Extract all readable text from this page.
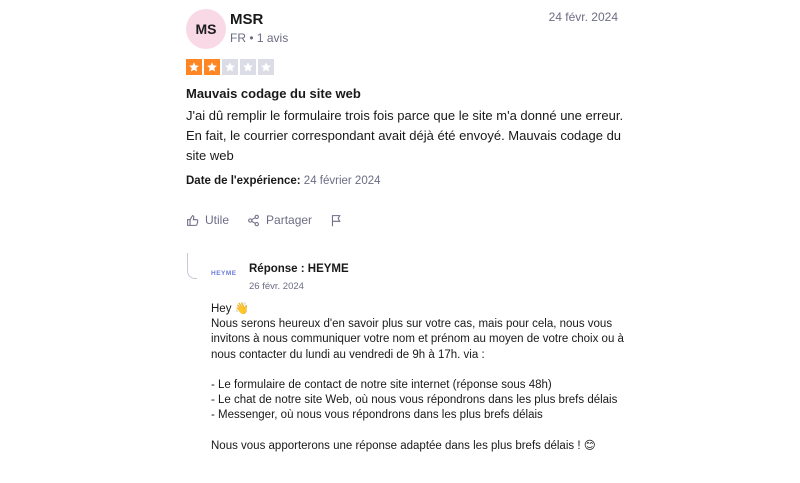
MS
MSR
FR • 1 avis
24 févr. 2024
Mauvais codage du site web
J'ai dû remplir le formulaire trois fois parce que le site m'a donné une erreur. En fait, le courrier correspondant avait déjà été envoyé. Mauvais codage du site web
Date de l'expérience: 24 février 2024
Utile	Partager
HEYME Réponse : HEYME
26 févr. 2024

Hey 👋

Nous serons heureux d'en savoir plus sur votre cas, mais pour cela, nous vous invitons à nous communiquer votre nom et prénom au moyen de votre choix ou à nous contacter du lundi au vendredi de 9h à 17h. via :

- Le formulaire de contact de notre site internet (réponse sous 48h)

- Le chat de notre site Web, où nous vous répondrons dans les plus brefs délais

- Messenger, où nous vous répondrons dans les plus brefs délais

Nous vous apporterons une réponse adaptée dans les plus brefs délais ! 😊
